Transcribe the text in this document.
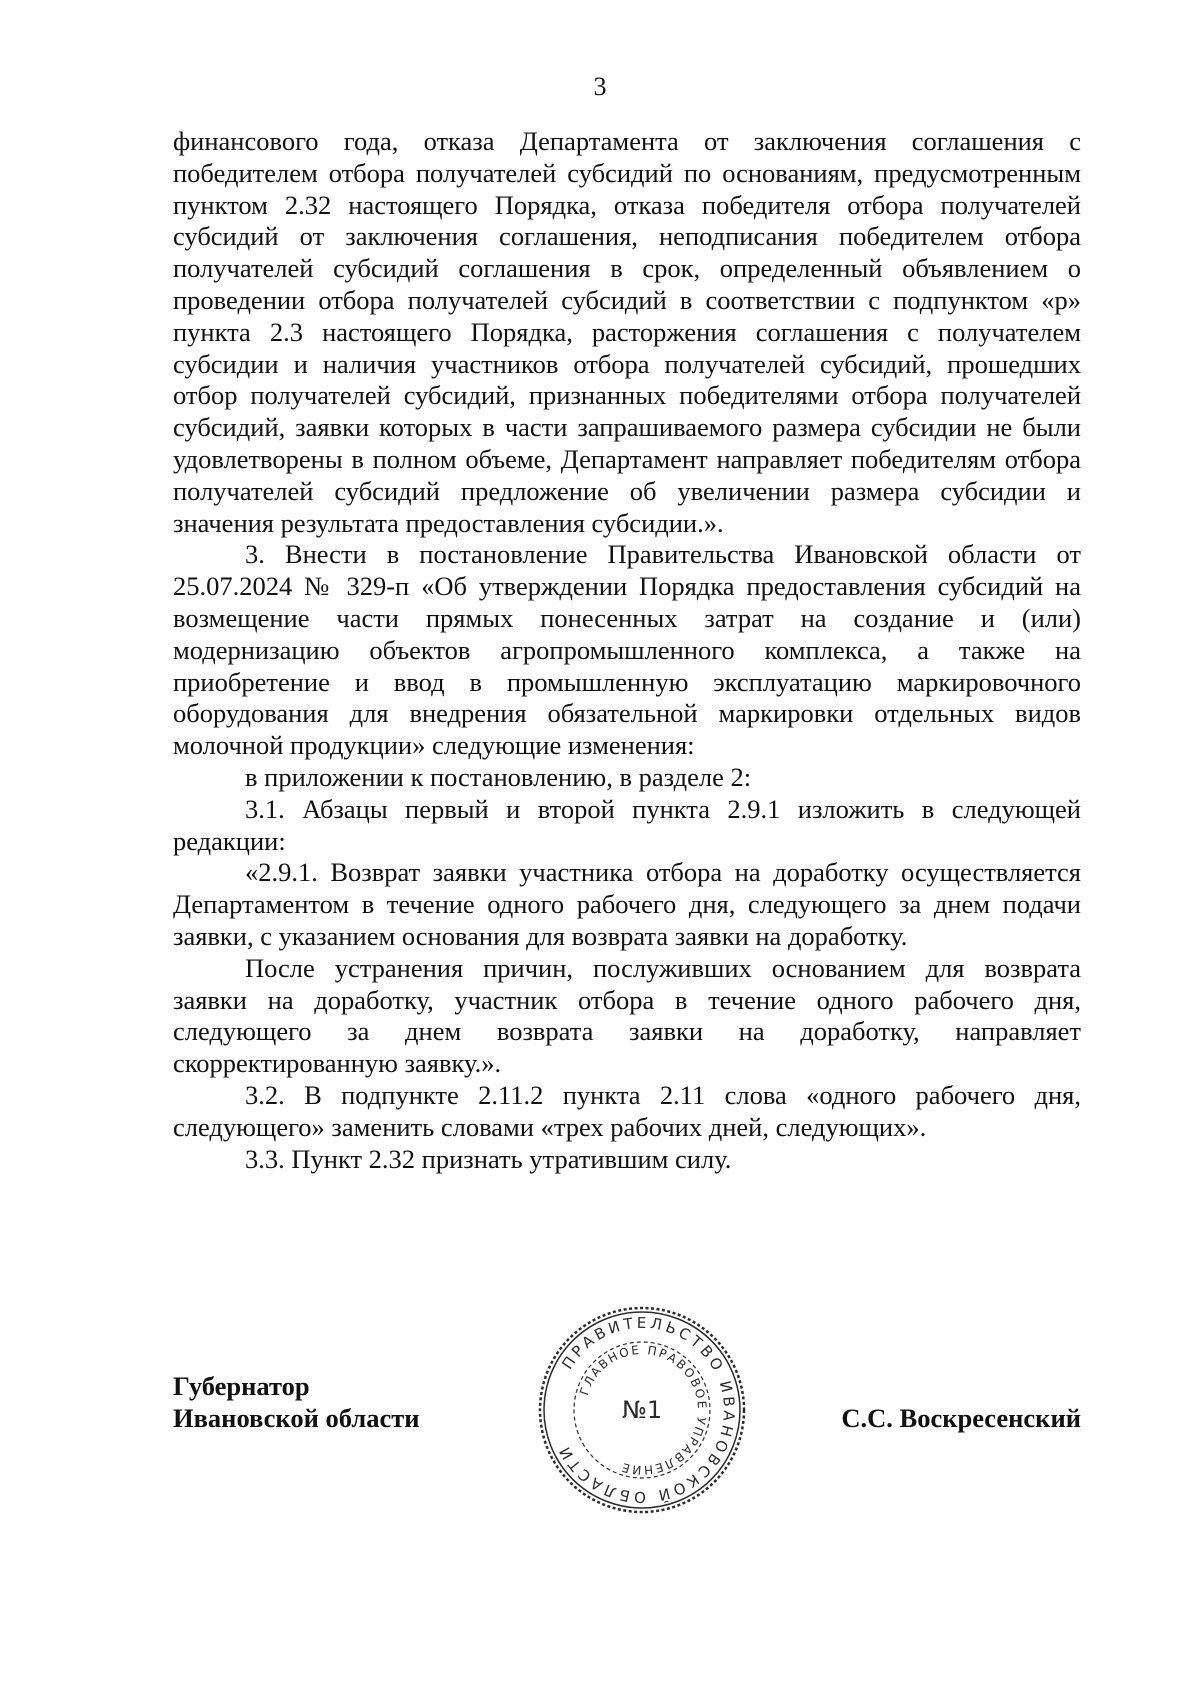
3

финансового года, отказа Департамента от заключения соглашения с победителем отбора получателей субсидий по основаниям, предусмотренным пунктом 2.32 настоящего Порядка, отказа победителя отбора получателей субсидий от заключения соглашения, неподписания победителем отбора получателей субсидий соглашения в срок, определенный объявлением о проведении отбора получателей субсидий в соответствии с подпунктом «р» пункта 2.3 настоящего Порядка, расторжения соглашения с получателем субсидии и наличия участников отбора получателей субсидий, прошедших отбор получателей субсидий, признанных победителями отбора получателей субсидий, заявки которых в части запрашиваемого размера субсидии не были удовлетворены в полном объеме, Департамент направляет победителям отбора получателей субсидий предложение об увеличении размера субсидии и значения результата предоставления субсидии.».

3. Внести в постановление Правительства Ивановской области от 25.07.2024 № 329-п «Об утверждении Порядка предоставления субсидий на возмещение части прямых понесенных затрат на создание и (или) модернизацию объектов агропромышленного комплекса, а также на приобретение и ввод в промышленную эксплуатацию маркировочного оборудования для внедрения обязательной маркировки отдельных видов молочной продукции» следующие изменения:

в приложении к постановлению, в разделе 2:

3.1. Абзацы первый и второй пункта 2.9.1 изложить в следующей редакции:

«2.9.1. Возврат заявки участника отбора на доработку осуществляется Департаментом в течение одного рабочего дня, следующего за днем подачи заявки, с указанием основания для возврата заявки на доработку.

После устранения причин, послуживших основанием для возврата заявки на доработку, участник отбора в течение одного рабочего дня, следующего за днем возврата заявки на доработку, направляет скорректированную заявку.».

3.2. В подпункте 2.11.2 пункта 2.11 слова «одного рабочего дня, следующего» заменить словами «трех рабочих дней, следующих».

3.3. Пункт 2.32 признать утратившим силу.

Губернатор
Ивановской области	С.С. Воскресенский
ПРАВИТЕЛЬСТВО ИВАНОВСКОЙ ОБЛАСТИ
ГЛАВНОЕ ПРАВОВОЕ УПРАВЛЕНИЕ
№1
